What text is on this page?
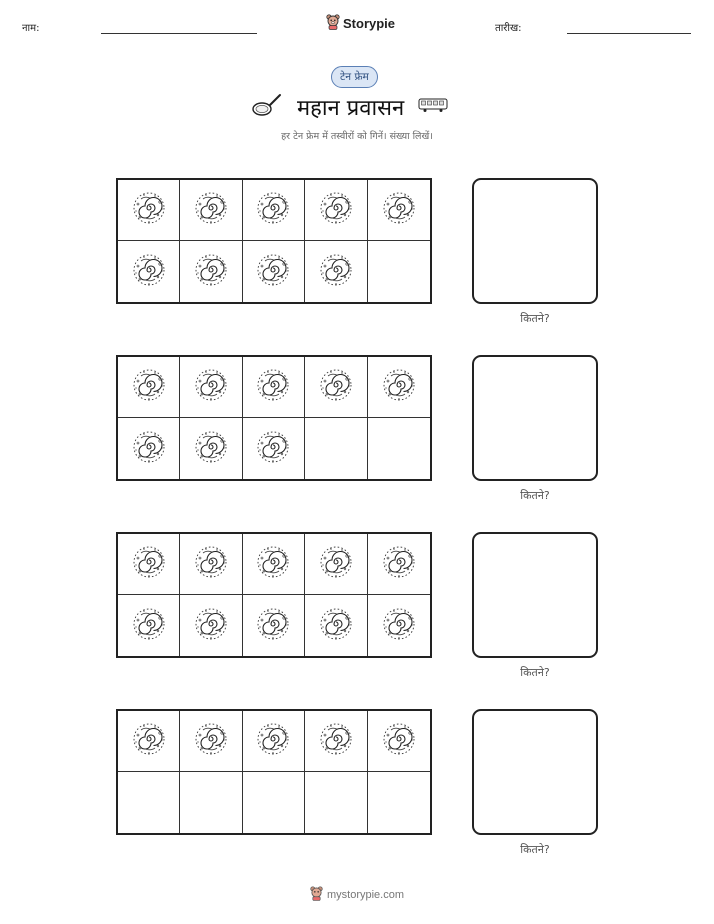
नाम:	Storypie	तारीख:
टेन फ्रेम
महान प्रवासन
हर टेन फ्रेम में तस्वीरों को गिनें। संख्या लिखें।
कितने?
कितने?
कितने?
कितने?
mystorypie.com
